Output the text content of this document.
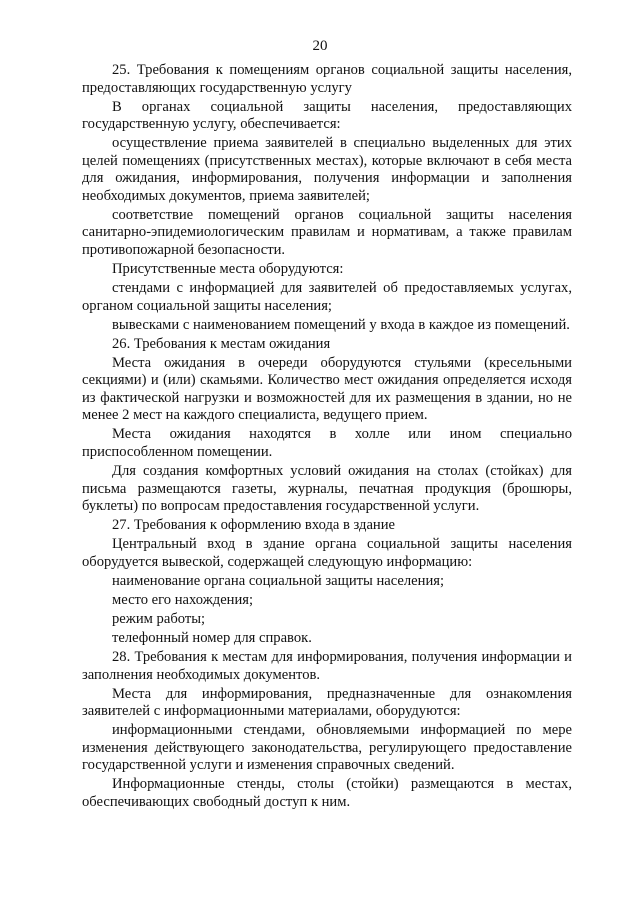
20

25. Требования к помещениям органов социальной защиты населения, предоставляющих государственную услугу

В органах социальной защиты населения, предоставляющих государственную услугу, обеспечивается:

осуществление приема заявителей в специально выделенных для этих целей помещениях (присутственных местах), которые включают в себя места для ожидания, информирования, получения информации и заполнения необходимых документов, приема заявителей;

соответствие помещений органов социальной защиты населения санитарно-эпидемиологическим правилам и нормативам, а также правилам противопожарной безопасности.

Присутственные места оборудуются:

стендами с информацией для заявителей об предоставляемых услугах, органом социальной защиты населения;

вывесками с наименованием помещений у входа в каждое из помещений.

26. Требования к местам ожидания

Места ожидания в очереди оборудуются стульями (кресельными секциями) и (или) скамьями. Количество мест ожидания определяется исходя из фактической нагрузки и возможностей для их размещения в здании, но не менее 2 мест на каждого специалиста, ведущего прием.

Места ожидания находятся в холле или ином специально приспособленном помещении.

Для создания комфортных условий ожидания на столах (стойках) для письма размещаются газеты, журналы, печатная продукция (брошюры, буклеты) по вопросам предоставления государственной услуги.

27. Требования к оформлению входа в здание

Центральный вход в здание органа социальной защиты населения оборудуется вывеской, содержащей следующую информацию:

наименование органа социальной защиты населения;

место его нахождения;

режим работы;

телефонный номер для справок.

28. Требования к местам для информирования, получения информации и заполнения необходимых документов.

Места для информирования, предназначенные для ознакомления заявителей с информационными материалами, оборудуются:

информационными стендами, обновляемыми информацией по мере изменения действующего законодательства, регулирующего предоставление государственной услуги и изменения справочных сведений.

Информационные стенды, столы (стойки) размещаются в местах, обеспечивающих свободный доступ к ним.
